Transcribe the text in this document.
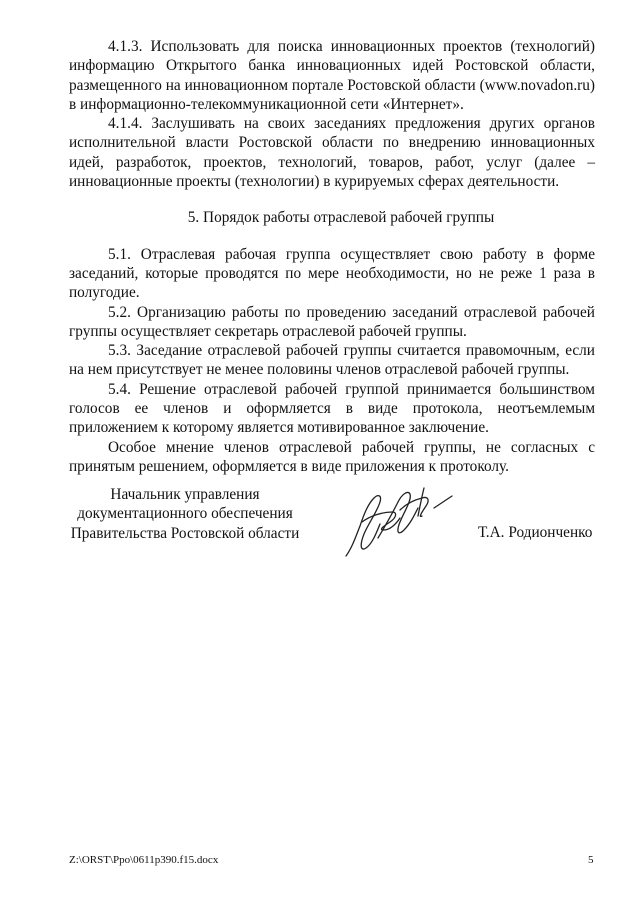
4.1.3. Использовать для поиска инновационных проектов (технологий) информацию Открытого банка инновационных идей Ростовской области, размещенного на инновационном портале Ростовской области (www.novadon.ru) в информационно-телекоммуникационной сети «Интернет».

4.1.4. Заслушивать на своих заседаниях предложения других органов исполнительной власти Ростовской области по внедрению инновационных идей, разработок, проектов, технологий, товаров, работ, услуг (далее – инновационные проекты (технологии) в курируемых сферах деятельности.

5. Порядок работы отраслевой рабочей группы

5.1. Отраслевая рабочая группа осуществляет свою работу в форме заседаний, которые проводятся по мере необходимости, но не реже 1 раза в полугодие.

5.2. Организацию работы по проведению заседаний отраслевой рабочей группы осуществляет секретарь отраслевой рабочей группы.

5.3. Заседание отраслевой рабочей группы считается правомочным, если на нем присутствует не менее половины членов отраслевой рабочей группы.

5.4. Решение отраслевой рабочей группой принимается большинством голосов ее членов и оформляется в виде протокола, неотъемлемым приложением к которому является мотивированное заключение.

Особое мнение членов отраслевой рабочей группы, не согласных с принятым решением, оформляется в виде приложения к протоколу.

Начальник управления
документационного обеспечения
Правительства Ростовской области	Т.А. Родионченко
Z:\ORST\Ppo\0611p390.f15.docx	5
